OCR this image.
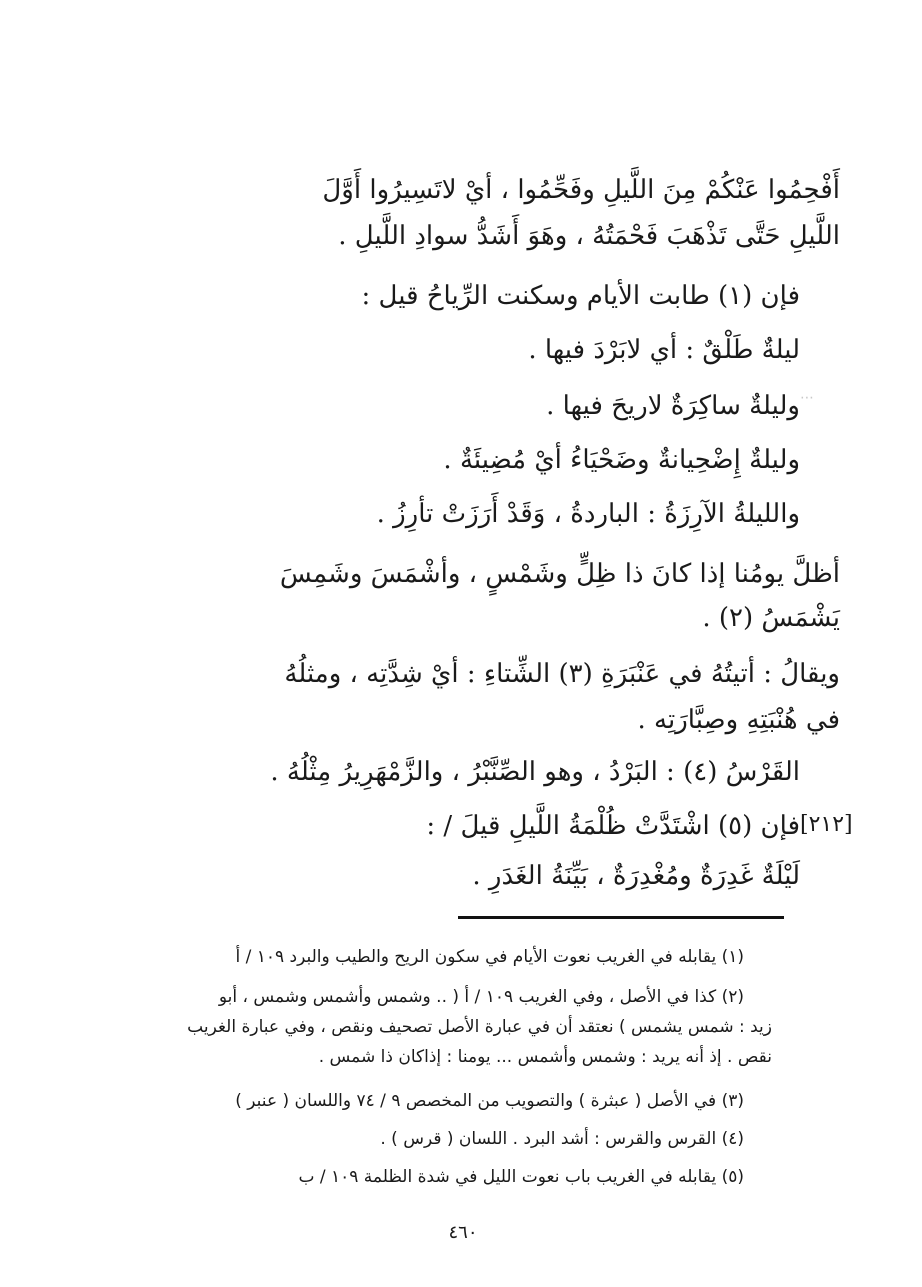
أَفْحِمُوا عَنْكُمْ مِنَ اللَّيلِ وفَحِّمُوا ، أيْ لاتَسِيرُوا أَوَّلَ
اللَّيلِ حَتَّى تَذْهَبَ فَحْمَتُهُ ، وهَوَ أَشَدُّ سوادِ اللَّيلِ .
فإن (١) طابت الأيام وسكنت الرِّياحُ قيل :
ليلةٌ طَلْقٌ : أي لابَرْدَ فيها .
وليلةٌ ساكِرَةٌ لاريحَ فيها .
وليلةٌ إِضْحِيانةٌ وضَحْيَاءُ أيْ مُضِيئَةٌ .
والليلةُ الآرِزَةُ : الباردةُ ، وَقَدْ أَرَزَتْ تأرِزُ .
أظلَّ يومُنا إذا كانَ ذا ظِلٍّ وشَمْسٍ ، وأشْمَسَ وشَمِسَ
يَشْمَسُ (٢) .
ويقالُ : أتيتُهُ في عَنْبَرَةِ (٣) الشِّتاءِ : أيْ شِدَّتِه ، ومثلُهُ
في هُنْبَتِهِ وصِبَّارَتِه .
القَرْسُ (٤) : البَرْدُ ، وهو الصِّنَّبْرُ ، والزَّمْهَرِيرُ مِثْلُهُ .
فإن (٥) اشْتَدَّتْ ظُلْمَةُ اللَّيلِ قيلَ / :
لَيْلَةٌ غَدِرَةٌ ومُغْدِرَةٌ ، بَيِّنَةُ الغَدَرِ .
⋯
[٢١٢]
(١) يقابله في الغريب نعوت الأيام في سكون الريح والطيب والبرد ١٠٩ / أ
(٢) كذا في الأصل ، وفي الغريب ١٠٩ / أ ( .. وشمس وأشمس وشمس ، أبو
زيد : شمس يشمس ) نعتقد أن في عبارة الأصل تصحيف ونقص ، وفي عبارة الغريب
نقص . إذ أنه يريد : وشمس وأشمس ... يومنا : إذاكان ذا شمس .
(٣) في الأصل ( عبثرة ) والتصويب من المخصص ٩ / ٧٤ واللسان ( عنبر )
(٤) القرس والقرس : أشد البرد . اللسان ( قرس ) .
(٥) يقابله في الغريب باب نعوت الليل في شدة الظلمة ١٠٩ / ب
٤٦٠
